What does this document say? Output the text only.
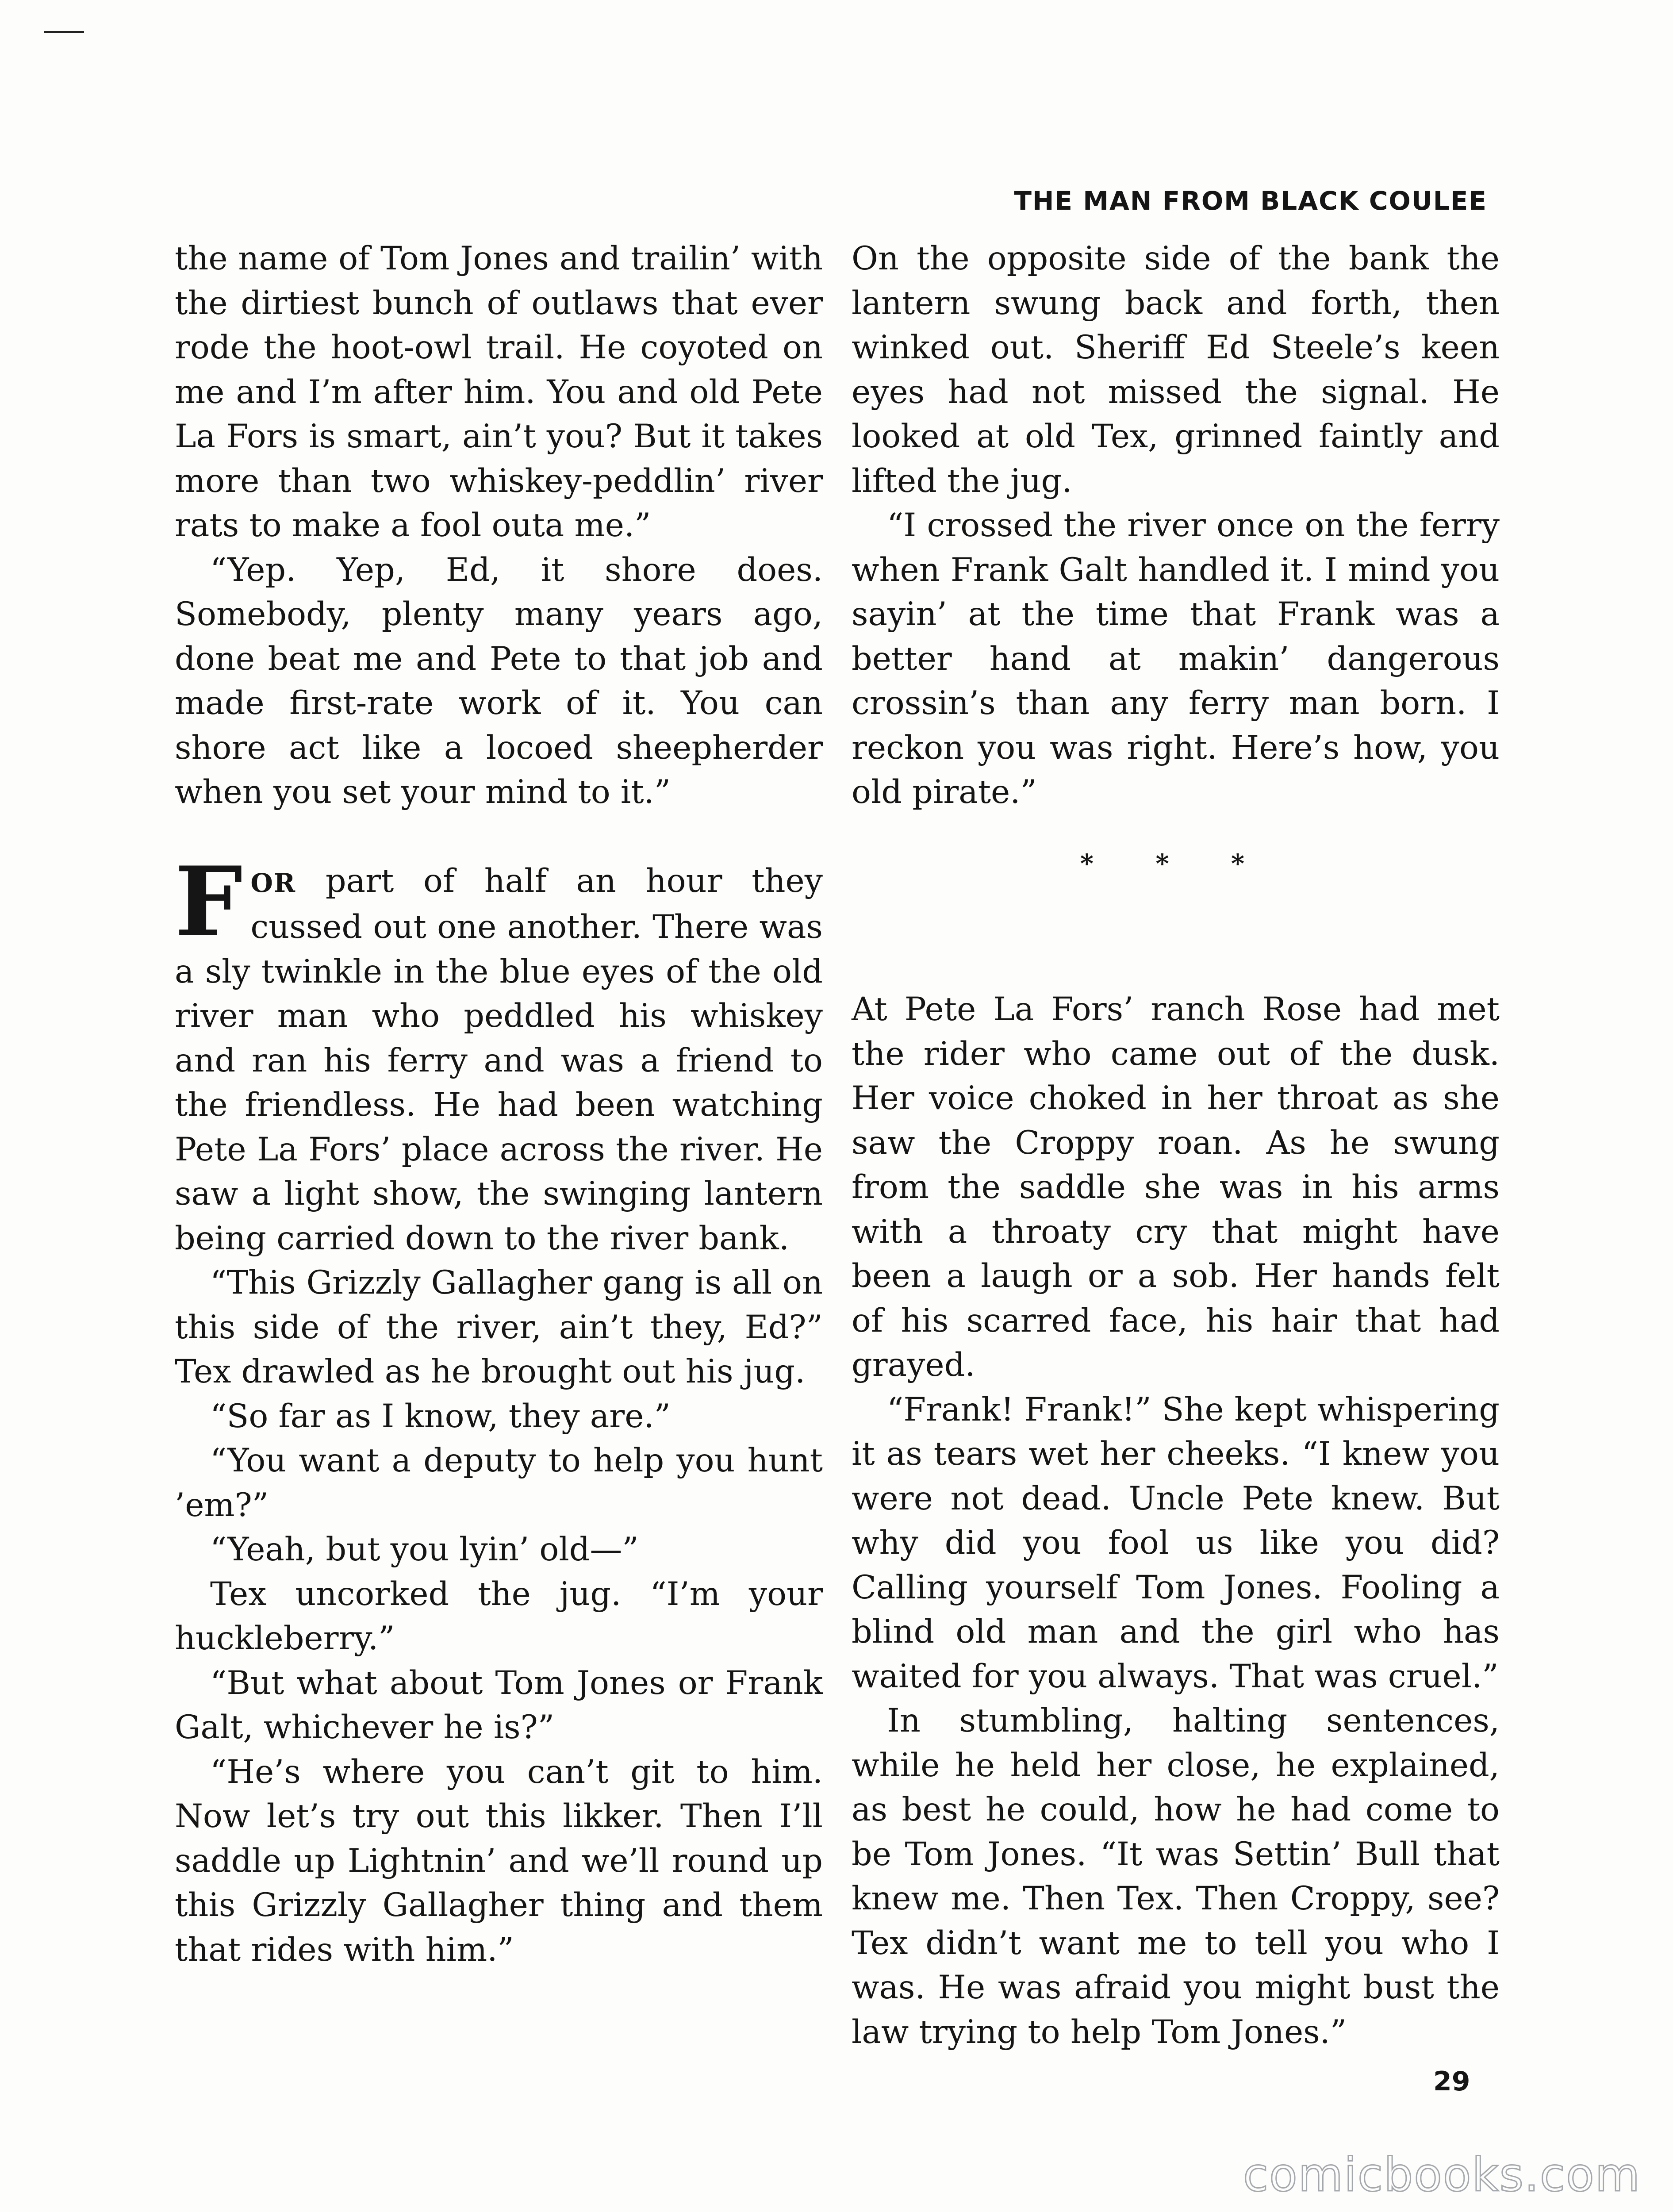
THE MAN FROM BLACK COULEE

the name of Tom Jones and trailin’ with the dirtiest bunch of outlaws that ever rode the hoot-owl trail. He coyoted on me and I’m after him. You and old Pete La Fors is smart, ain’t you? But it takes more than two whiskey-peddlin’ river rats to make a fool outa me.”

“Yep. Yep, Ed, it shore does. Somebody, plenty many years ago, done beat me and Pete to that job and made first-rate work of it. You can shore act like a locoed sheepherder when you set your mind to it.”

FOR part of half an hour they cussed out one another. There was a sly twinkle in the blue eyes of the old river man who peddled his whiskey and ran his ferry and was a friend to the friendless. He had been watching Pete La Fors’ place across the river. He saw a light show, the swinging lantern being carried down to the river bank.

“This Grizzly Gallagher gang is all on this side of the river, ain’t they, Ed?” Tex drawled as he brought out his jug.

“So far as I know, they are.”

“You want a deputy to help you hunt ’em?”

“Yeah, but you lyin’ old—”

Tex uncorked the jug. “I’m your huckleberry.”

“But what about Tom Jones or Frank Galt, whichever he is?”

“He’s where you can’t git to him. Now let’s try out this likker. Then I’ll saddle up Lightnin’ and we’ll round up this Grizzly Gallagher thing and them that rides with him.”

On the opposite side of the bank the lantern swung back and forth, then winked out. Sheriff Ed Steele’s keen eyes had not missed the signal. He looked at old Tex, grinned faintly and lifted the jug.

“I crossed the river once on the ferry when Frank Galt handled it. I mind you sayin’ at the time that Frank was a better hand at makin’ dangerous crossin’s than any ferry man born. I reckon you was right. Here’s how, you old pirate.”

* * *

At Pete La Fors’ ranch Rose had met the rider who came out of the dusk. Her voice choked in her throat as she saw the Croppy roan. As he swung from the saddle she was in his arms with a throaty cry that might have been a laugh or a sob. Her hands felt of his scarred face, his hair that had grayed.

“Frank! Frank!” She kept whispering it as tears wet her cheeks. “I knew you were not dead. Uncle Pete knew. But why did you fool us like you did? Calling yourself Tom Jones. Fooling a blind old man and the girl who has waited for you always. That was cruel.”

In stumbling, halting sentences, while he held her close, he explained, as best he could, how he had come to be Tom Jones. “It was Settin’ Bull that knew me. Then Tex. Then Croppy, see? Tex didn’t want me to tell you who I was. He was afraid you might bust the law trying to help Tom Jones.”

29
comicbooks.com
